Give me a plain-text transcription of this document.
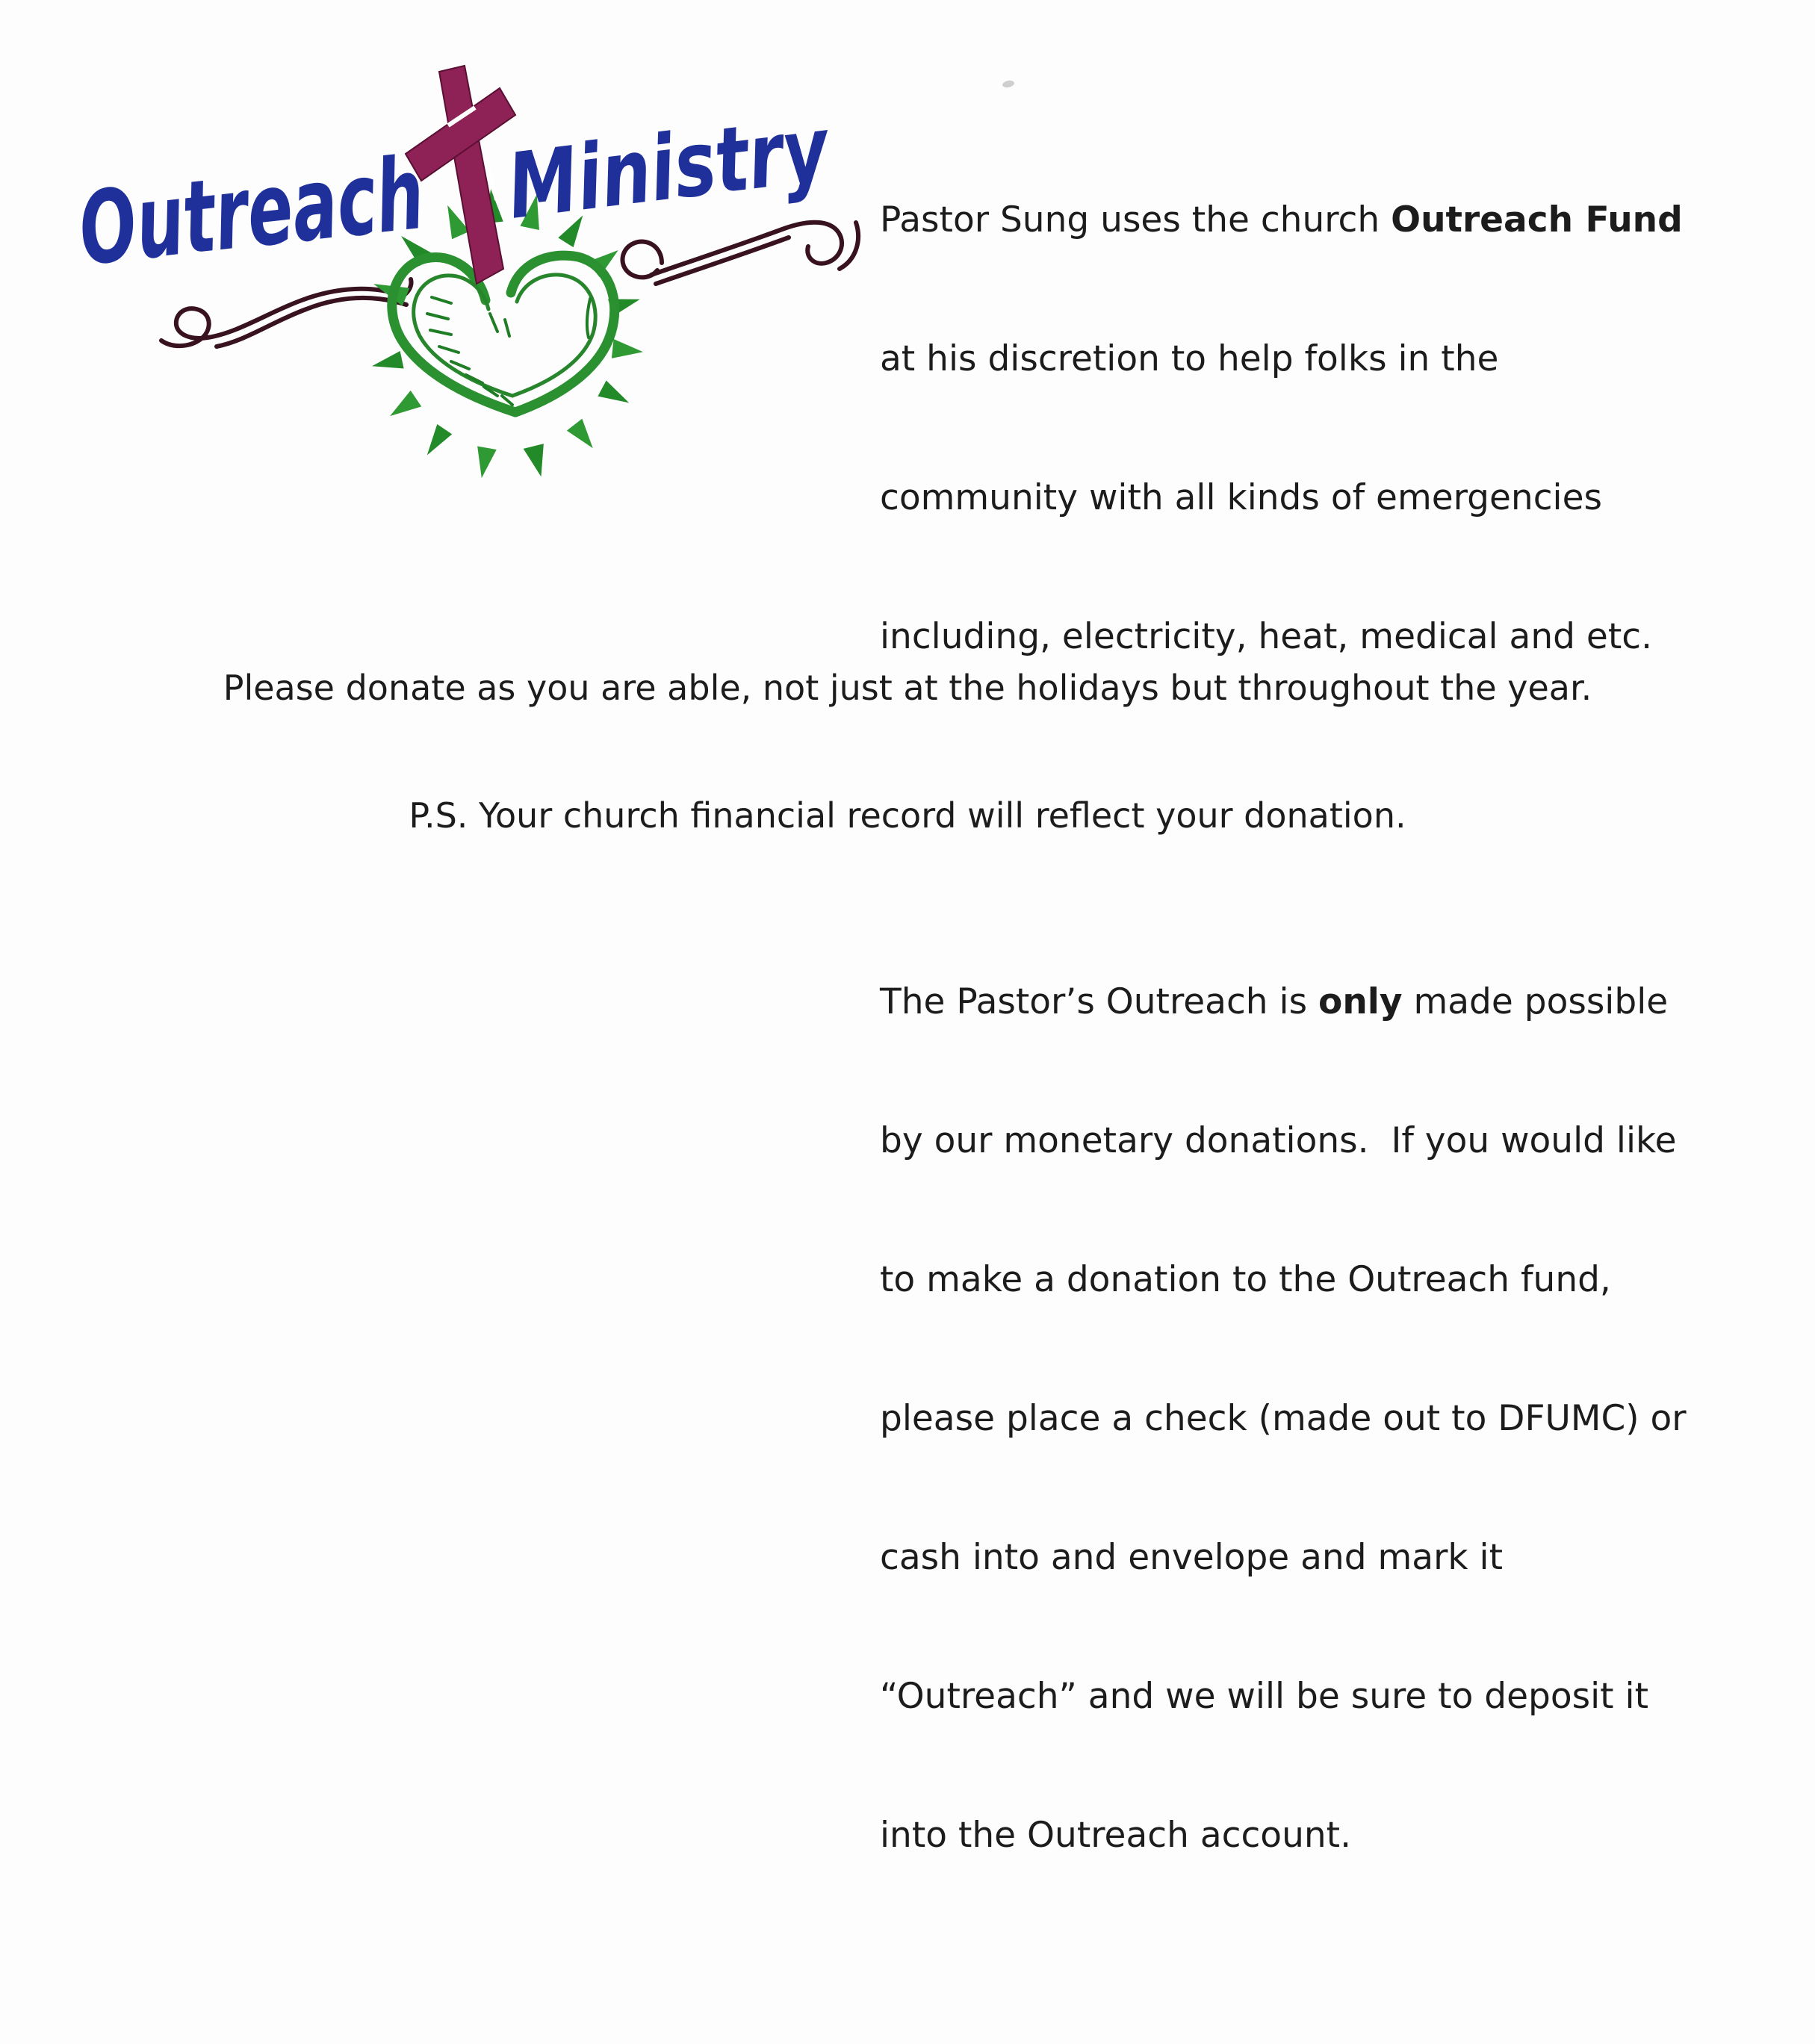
Outreach
Ministry

Pastor Sung uses the church Outreach Fund

at his discretion to help folks in the

community with all kinds of emergencies

including, electricity, heat, medical and etc.

The Pastor’s Outreach is only made possible

by our monetary donations.  If you would like

to make a donation to the Outreach fund,

please place a check (made out to DFUMC) or

cash into and envelope and mark it

“Outreach” and we will be sure to deposit it

into the Outreach account.

Please donate as you are able, not just at the holidays but throughout the year.

P.S. Your church financial record will reflect your donation.
